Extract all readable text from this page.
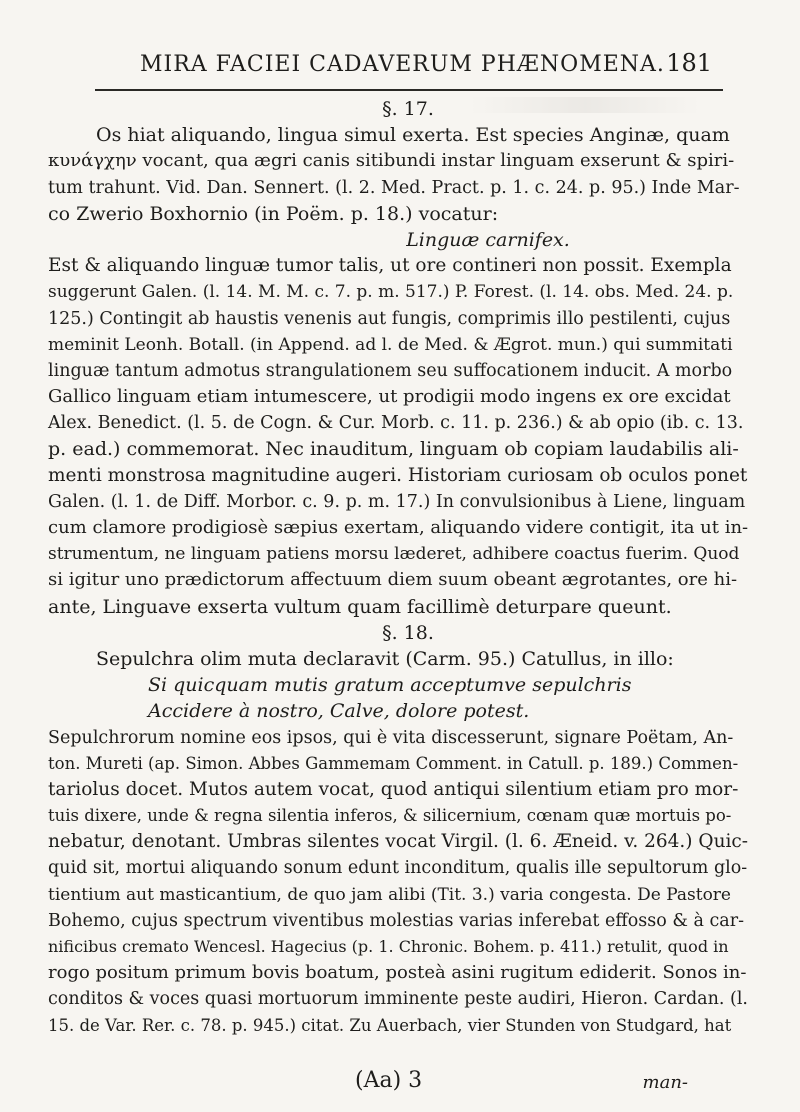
MIRA FACIEI CADAVERUM PHÆNOMENA. 181
§. 17.
Os hiat aliquando, lingua simul exerta. Est species Anginæ, quam
κυνάγχην vocant, qua ægri canis sitibundi instar linguam exserunt & spiri-
tum trahunt. Vid. Dan. Sennert. (l. 2. Med. Pract. p. 1. c. 24. p. 95.) Inde Mar-
co Zwerio Boxhornio (in Poëm. p. 18.) vocatur:
Linguæ carnifex.
Est & aliquando linguæ tumor talis, ut ore contineri non possit. Exempla
suggerunt Galen. (l. 14. M. M. c. 7. p. m. 517.) P. Forest. (l. 14. obs. Med. 24. p.
125.) Contingit ab haustis venenis aut fungis, comprimis illo pestilenti, cujus
meminit Leonh. Botall. (in Append. ad l. de Med. & Ægrot. mun.) qui summitati
linguæ tantum admotus strangulationem seu suffocationem inducit. A morbo
Gallico linguam etiam intumescere, ut prodigii modo ingens ex ore excidat
Alex. Benedict. (l. 5. de Cogn. & Cur. Morb. c. 11. p. 236.) & ab opio (ib. c. 13.
p. ead.) commemorat. Nec inauditum, linguam ob copiam laudabilis ali-
menti monstrosa magnitudine augeri. Historiam curiosam ob oculos ponet
Galen. (l. 1. de Diff. Morbor. c. 9. p. m. 17.) In convulsionibus à Liene, linguam
cum clamore prodigiosè sæpius exertam, aliquando videre contigit, ita ut in-
strumentum, ne linguam patiens morsu læderet, adhibere coactus fuerim. Quod
si igitur uno prædictorum affectuum diem suum obeant ægrotantes, ore hi-
ante, Linguave exserta vultum quam facillimè deturpare queunt.
§. 18.
Sepulchra olim muta declaravit (Carm. 95.) Catullus, in illo:
Si quicquam mutis gratum acceptumve sepulchris
Accidere à nostro, Calve, dolore potest.
Sepulchrorum nomine eos ipsos, qui è vita discesserunt, signare Poëtam, An-
ton. Mureti (ap. Simon. Abbes Gammemam Comment. in Catull. p. 189.) Commen-
tariolus docet. Mutos autem vocat, quod antiqui silentium etiam pro mor-
tuis dixere, unde & regna silentia inferos, & silicernium, cœnam quæ mortuis po-
nebatur, denotant. Umbras silentes vocat Virgil. (l. 6. Æneid. v. 264.) Quic-
quid sit, mortui aliquando sonum edunt inconditum, qualis ille sepultorum glo-
tientium aut masticantium, de quo jam alibi (Tit. 3.) varia congesta. De Pastore
Bohemo, cujus spectrum viventibus molestias varias inferebat effosso & à car-
nificibus cremato Wencesl. Hagecius (p. 1. Chronic. Bohem. p. 411.) retulit, quod in
rogo positum primum bovis boatum, posteà asini rugitum ediderit. Sonos in-
conditos & voces quasi mortuorum imminente peste audiri, Hieron. Cardan. (l.
15. de Var. Rer. c. 78. p. 945.) citat. Zu Auerbach, vier Stunden von Studgard, hat
(Aa) 3	man-
